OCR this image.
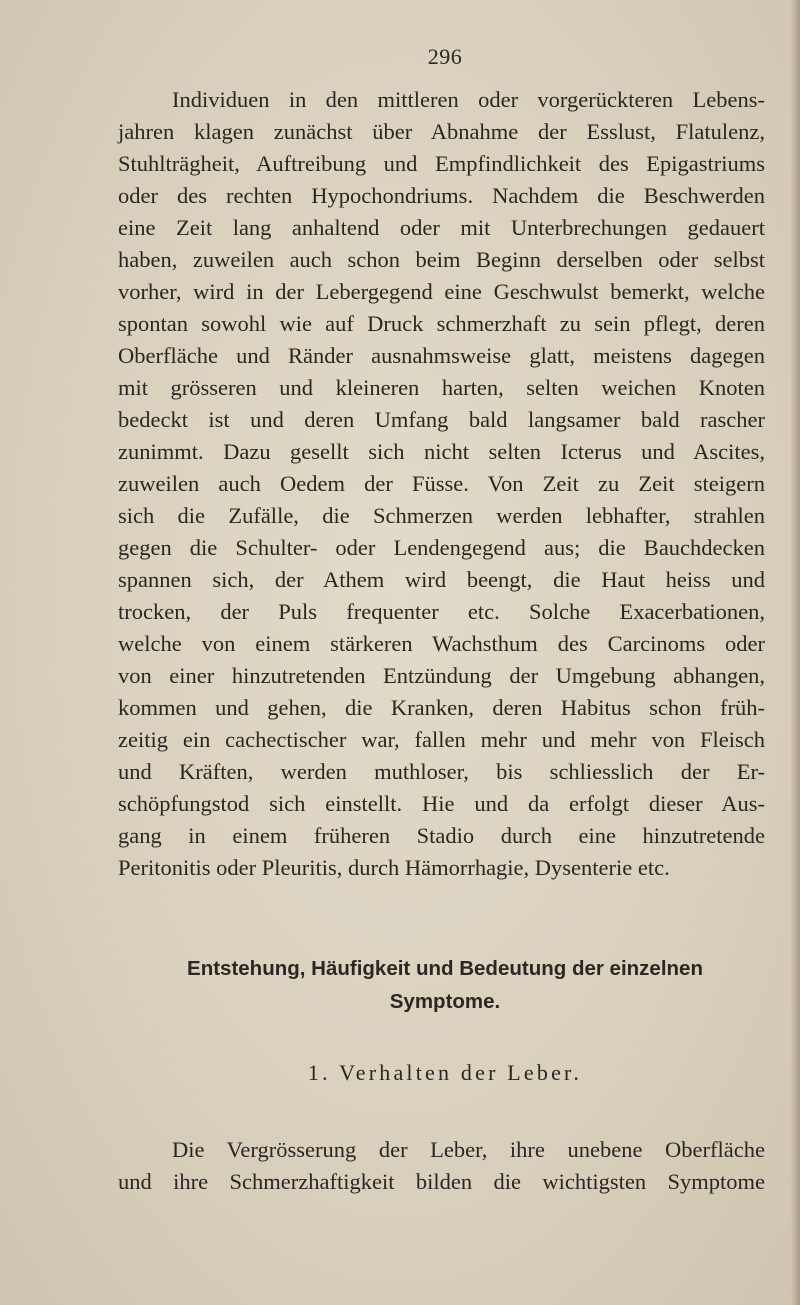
296
Individuen in den mittleren oder vorgerückteren Lebens-
jahren klagen zunächst über Abnahme der Esslust, Flatulenz,
Stuhlträgheit, Auftreibung und Empfindlichkeit des Epigastriums
oder des rechten Hypochondriums. Nachdem die Beschwerden
eine Zeit lang anhaltend oder mit Unterbrechungen gedauert
haben, zuweilen auch schon beim Beginn derselben oder selbst
vorher, wird in der Lebergegend eine Geschwulst bemerkt, welche
spontan sowohl wie auf Druck schmerzhaft zu sein pflegt, deren
Oberfläche und Ränder ausnahmsweise glatt, meistens dagegen
mit grösseren und kleineren harten, selten weichen Knoten
bedeckt ist und deren Umfang bald langsamer bald rascher
zunimmt. Dazu gesellt sich nicht selten Icterus und Ascites,
zuweilen auch Oedem der Füsse. Von Zeit zu Zeit steigern
sich die Zufälle, die Schmerzen werden lebhafter, strahlen
gegen die Schulter- oder Lendengegend aus; die Bauchdecken
spannen sich, der Athem wird beengt, die Haut heiss und
trocken, der Puls frequenter etc. Solche Exacerbationen,
welche von einem stärkeren Wachsthum des Carcinoms oder
von einer hinzutretenden Entzündung der Umgebung abhangen,
kommen und gehen, die Kranken, deren Habitus schon früh-
zeitig ein cachectischer war, fallen mehr und mehr von Fleisch
und Kräften, werden muthloser, bis schliesslich der Er-
schöpfungstod sich einstellt. Hie und da erfolgt dieser Aus-
gang in einem früheren Stadio durch eine hinzutretende
Peritonitis oder Pleuritis, durch Hämorrhagie, Dysenterie etc.
Entstehung, Häufigkeit und Bedeutung der einzelnen
Symptome.
1. Verhalten der Leber.
Die Vergrösserung der Leber, ihre unebene Oberfläche
und ihre Schmerzhaftigkeit bilden die wichtigsten Symptome
